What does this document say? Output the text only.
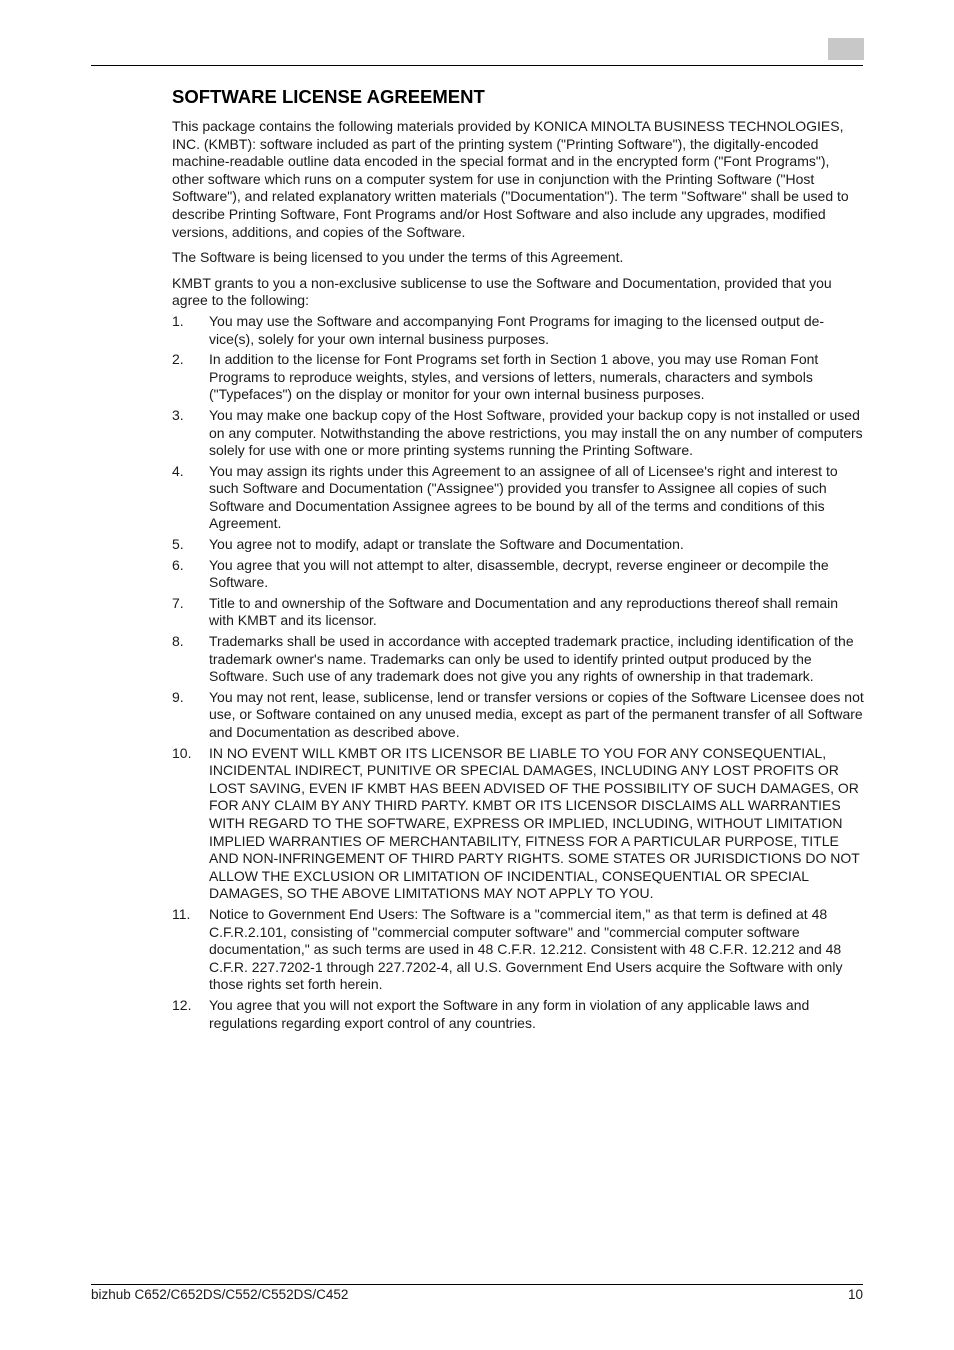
SOFTWARE LICENSE AGREEMENT

This package contains the following materials provided by KONICA MINOLTA BUSINESS TECHNOLOGIES, INC. (KMBT): software included as part of the printing system ("Printing Software"), the digitally-encoded machine-readable outline data encoded in the special format and in the encrypted form ("Font Programs"), other software which runs on a computer system for use in conjunction with the Printing Software ("Host Software"), and related explanatory written materials ("Documentation"). The term "Software" shall be used to describe Printing Software, Font Programs and/or Host Software and also include any upgrades, modified versions, additions, and copies of the Software.

The Software is being licensed to you under the terms of this Agreement.

KMBT grants to you a non-exclusive sublicense to use the Software and Documentation, provided that you agree to the following:

1. You may use the Software and accompanying Font Programs for imaging to the licensed output de-vice(s), solely for your own internal business purposes.
2. In addition to the license for Font Programs set forth in Section 1 above, you may use Roman Font Programs to reproduce weights, styles, and versions of letters, numerals, characters and symbols ("Typefaces") on the display or monitor for your own internal business purposes.
3. You may make one backup copy of the Host Software, provided your backup copy is not installed or used on any computer. Notwithstanding the above restrictions, you may install the on any number of computers solely for use with one or more printing systems running the Printing Software.
4. You may assign its rights under this Agreement to an assignee of all of Licensee's right and interest to such Software and Documentation ("Assignee") provided you transfer to Assignee all copies of such Software and Documentation Assignee agrees to be bound by all of the terms and conditions of this Agreement.
5. You agree not to modify, adapt or translate the Software and Documentation.
6. You agree that you will not attempt to alter, disassemble, decrypt, reverse engineer or decompile the Software.
7. Title to and ownership of the Software and Documentation and any reproductions thereof shall remain with KMBT and its licensor.
8. Trademarks shall be used in accordance with accepted trademark practice, including identification of the trademark owner's name. Trademarks can only be used to identify printed output produced by the Software. Such use of any trademark does not give you any rights of ownership in that trademark.
9. You may not rent, lease, sublicense, lend or transfer versions or copies of the Software Licensee does not use, or Software contained on any unused media, except as part of the permanent transfer of all Software and Documentation as described above.
10. IN NO EVENT WILL KMBT OR ITS LICENSOR BE LIABLE TO YOU FOR ANY CONSEQUENTIAL, INCIDENTAL INDIRECT, PUNITIVE OR SPECIAL DAMAGES, INCLUDING ANY LOST PROFITS OR LOST SAVING, EVEN IF KMBT HAS BEEN ADVISED OF THE POSSIBILITY OF SUCH DAMAGES, OR FOR ANY CLAIM BY ANY THIRD PARTY. KMBT OR ITS LICENSOR DISCLAIMS ALL WARRANTIES WITH REGARD TO THE SOFTWARE, EXPRESS OR IMPLIED, INCLUDING, WITHOUT LIMITATION IMPLIED WARRANTIES OF MERCHANTABILITY, FITNESS FOR A PARTICULAR PURPOSE, TITLE AND NON-INFRINGEMENT OF THIRD PARTY RIGHTS. SOME STATES OR JURISDICTIONS DO NOT ALLOW THE EXCLUSION OR LIMITATION OF INCIDENTIAL, CONSEQUENTIAL OR SPECIAL DAMAGES, SO THE ABOVE LIMITATIONS MAY NOT APPLY TO YOU.
11. Notice to Government End Users: The Software is a "commercial item," as that term is defined at 48 C.F.R.2.101, consisting of "commercial computer software" and "commercial computer software documentation," as such terms are used in 48 C.F.R. 12.212. Consistent with 48 C.F.R. 12.212 and 48 C.F.R. 227.7202-1 through 227.7202-4, all U.S. Government End Users acquire the Software with only those rights set forth herein.
12. You agree that you will not export the Software in any form in violation of any applicable laws and regulations regarding export control of any countries.
bizhub C652/C652DS/C552/C552DS/C452	10
